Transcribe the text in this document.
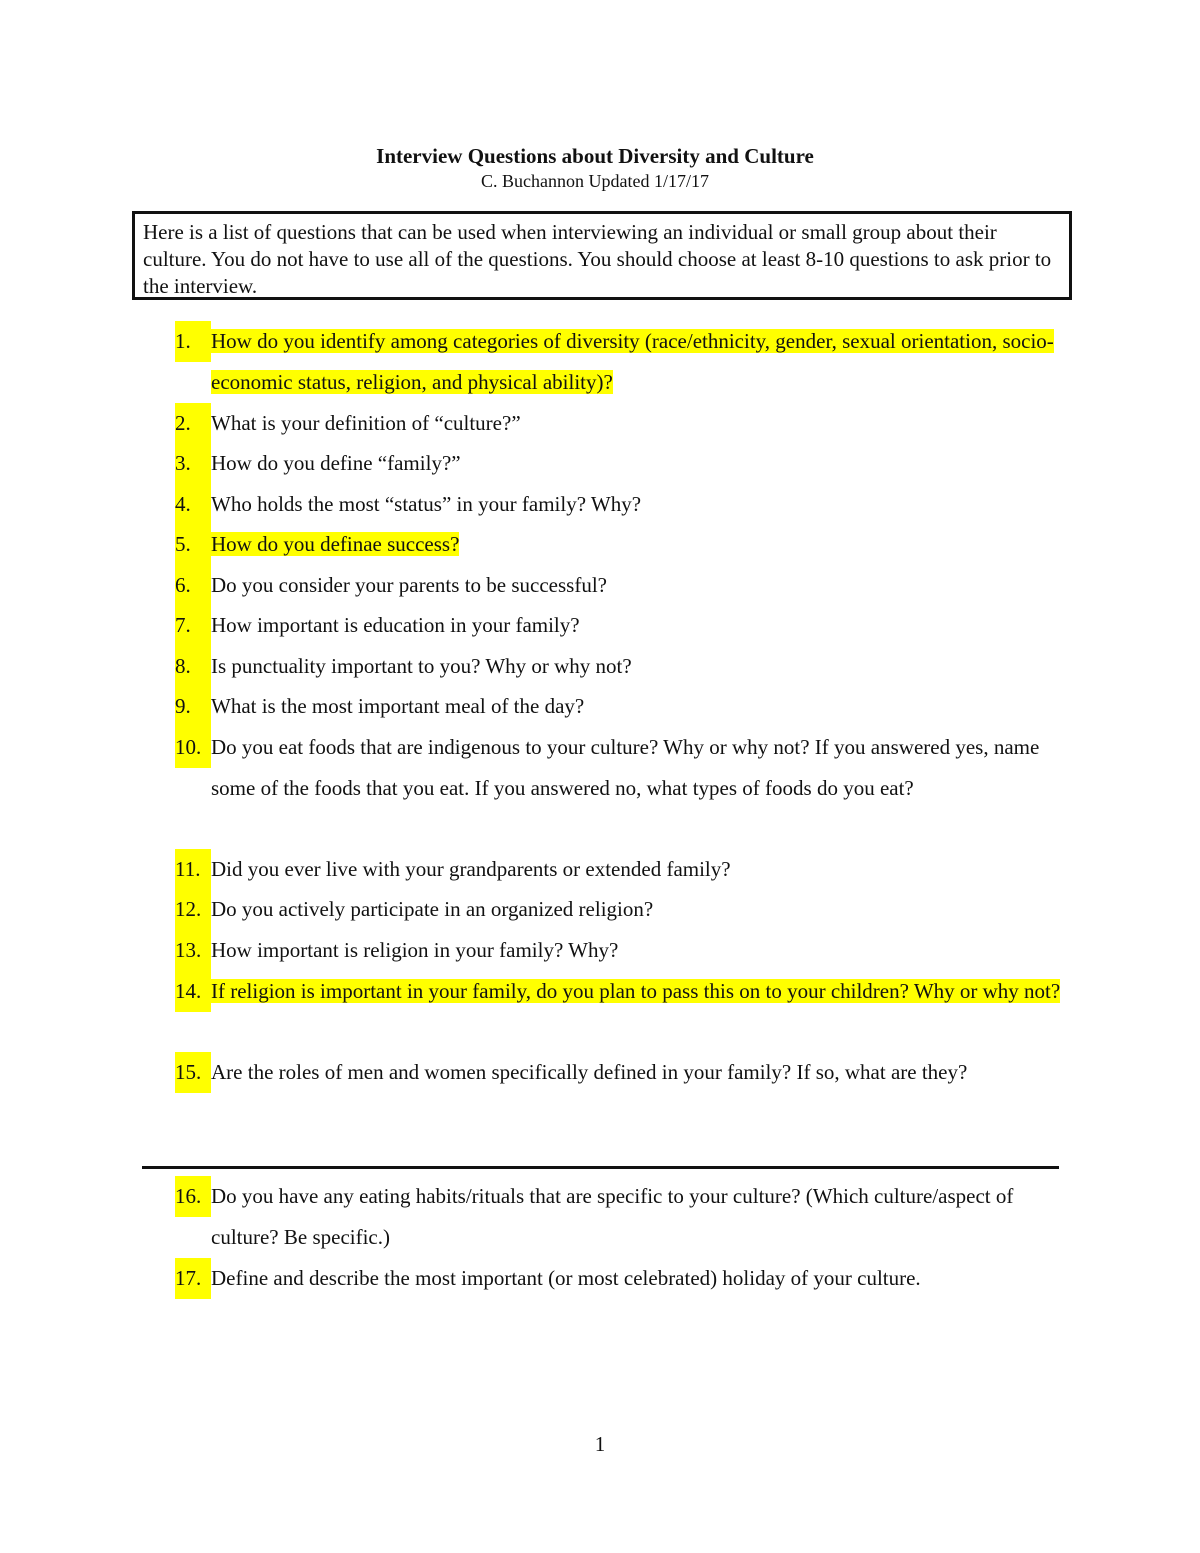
Interview Questions about Diversity and Culture
C. Buchannon Updated 1/17/17
Here is a list of questions that can be used when interviewing an individual or small group about their culture. You do not have to use all of the questions. You should choose at least 8-10 questions to ask prior to the interview.
1. How do you identify among categories of diversity (race/ethnicity, gender, sexual orientation, socio-economic status, religion, and physical ability)?
2. What is your definition of “culture?”
3. How do you define “family?”
4. Who holds the most “status” in your family? Why?
5. How do you definae success?
6. Do you consider your parents to be successful?
7. How important is education in your family?
8. Is punctuality important to you? Why or why not?
9. What is the most important meal of the day?
10. Do you eat foods that are indigenous to your culture? Why or why not? If you answered yes, name some of the foods that you eat. If you answered no, what types of foods do you eat?
11. Did you ever live with your grandparents or extended family?
12. Do you actively participate in an organized religion?
13. How important is religion in your family? Why?
14. If religion is important in your family, do you plan to pass this on to your children? Why or why not?
15. Are the roles of men and women specifically defined in your family? If so, what are they?
16. Do you have any eating habits/rituals that are specific to your culture? (Which culture/aspect of culture? Be specific.)
17. Define and describe the most important (or most celebrated) holiday of your culture.
1
